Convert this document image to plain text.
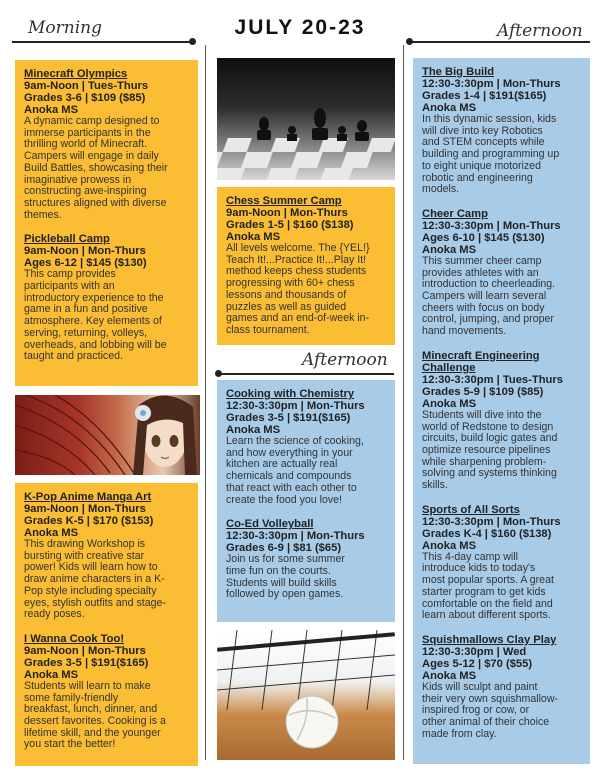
JULY 20-23
Morning	Afternoon
Afternoon
Minecraft Olympics
9am-Noon | Tues-Thurs
Grades 3-6 | $109 ($85)
Anoka MS
A dynamic camp designed to
immerse participants in the
thrilling world of Minecraft.
Campers will engage in daily
Build Battles, showcasing their
imaginative prowess in
constructing awe-inspiring
structures aligned with diverse
themes.
Pickleball Camp
9am-Noon | Mon-Thurs
Ages 6-12 | $145 ($130)
This camp provides
participants with an
introductory experience to the
game in a fun and positive
atmosphere. Key elements of
serving, returning, volleys,
overheads, and lobbing will be
taught and practiced.
K-Pop Anime Manga Art
9am-Noon | Mon-Thurs
Grades K-5 | $170 ($153)
Anoka MS
This drawing Workshop is
bursting with creative star
power! Kids will learn how to
draw anime characters in a K-
Pop style including specialty
eyes, stylish outfits and stage-
ready poses.
I Wanna Cook Too!
9am-Noon | Mon-Thurs
Grades 3-5 | $191($165)
Anoka MS
Students will learn to make
some family-friendly
breakfast, lunch, dinner, and
dessert favorites. Cooking is a
lifetime skill, and the younger
you start the better!
Chess Summer Camp
9am-Noon | Mon-Thurs
Grades 1-5 | $160 ($138)
Anoka MS
All levels welcome. The {YEL!}
Teach It!...Practice It!...Play It!
method keeps chess students
progressing with 60+ chess
lessons and thousands of
puzzles as well as guided
games and an end-of-week in-
class tournament.
Cooking with Chemistry
12:30-3:30pm | Mon-Thurs
Grades 3-5 | $191($165)
Anoka MS
Learn the science of cooking,
and how everything in your
kitchen are actually real
chemicals and compounds
that react with each other to
create the food you love!
Co-Ed Volleyball
12:30-3:30pm | Mon-Thurs
Grades 6-9 | $81 ($65)
Join us for some summer
time fun on the courts.
Students will build skills
followed by open games.
The Big Build
12:30-3:30pm | Mon-Thurs
Grades 1-4 | $191($165)
Anoka MS
In this dynamic session, kids
will dive into key Robotics
and STEM concepts while
building and programming up
to eight unique motorized
robotic and engineering
models.
Cheer Camp
12:30-3:30pm | Mon-Thurs
Ages 6-10 | $145 ($130)
Anoka MS
This summer cheer camp
provides athletes with an
introduction to cheerleading.
Campers will learn several
cheers with focus on body
control, jumping, and proper
hand movements.
Minecraft Engineering
Challenge
12:30-3:30pm | Tues-Thurs
Grades 5-9 | $109 ($85)
Anoka MS
Students will dive into the
world of Redstone to design
circuits, build logic gates and
optimize resource pipelines
while sharpening problem-
solving and systems thinking
skills.
Sports of All Sorts
12:30-3:30pm | Mon-Thurs
Grades K-4 | $160 ($138)
Anoka MS
This 4-day camp will
introduce kids to today's
most popular sports. A great
starter program to get kids
comfortable on the field and
learn about different sports.
Squishmallows Clay Play
12:30-3:30pm | Wed
Ages 5-12 | $70 ($55)
Anoka MS
Kids will sculpt and paint
their very own squishmallow-
inspired frog or cow, or
other animal of their choice
made from clay.
